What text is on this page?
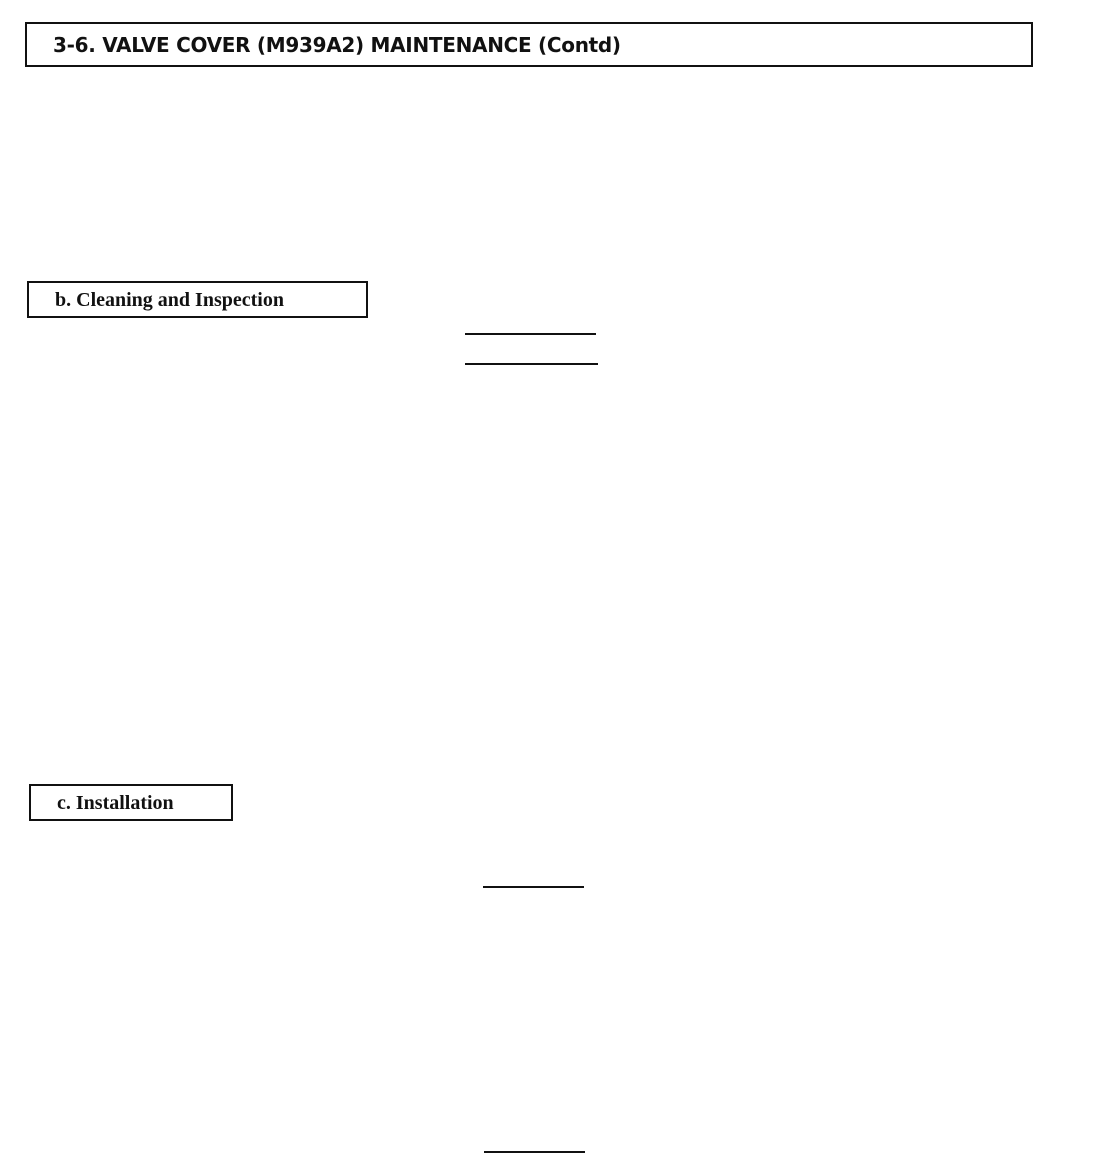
3-6. VALVE COVER (M939A2) MAINTENANCE (Contd)
b. Cleaning and Inspection
c. Installation
